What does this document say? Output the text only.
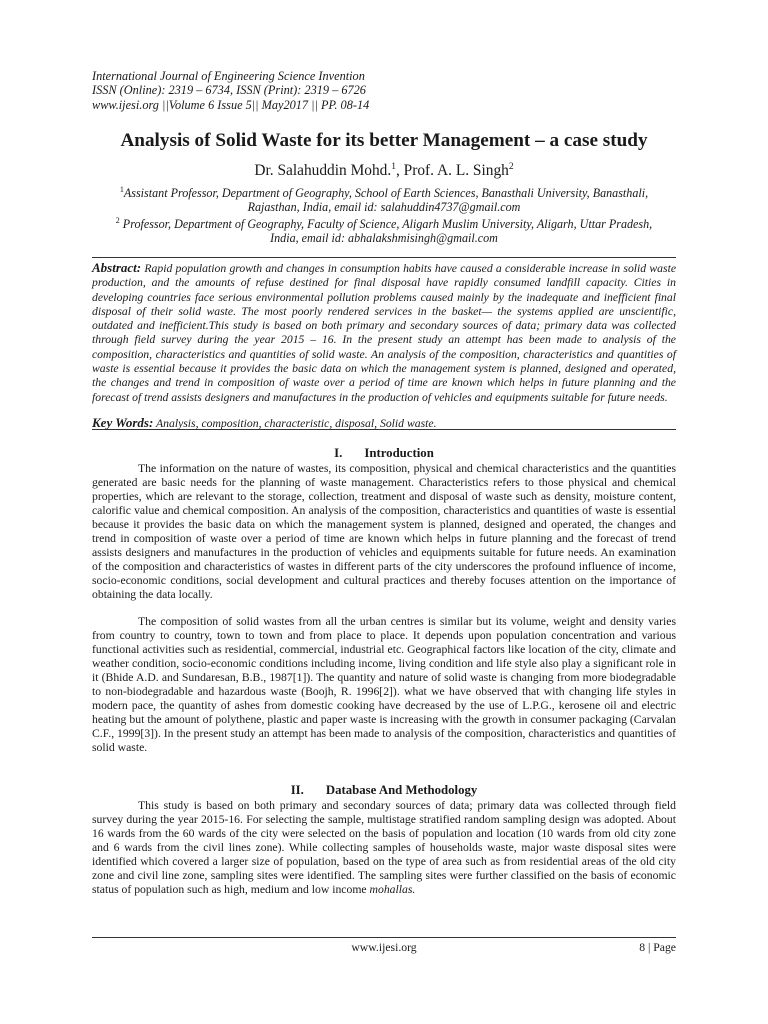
International Journal of Engineering Science Invention
ISSN (Online): 2319 – 6734, ISSN (Print): 2319 – 6726
www.ijesi.org ||Volume 6 Issue 5|| May2017 || PP. 08-14
Analysis of Solid Waste for its better Management – a case study
Dr. Salahuddin Mohd.$^1$, Prof. A. L. Singh$^2$
$^1$Assistant Professor, Department of Geography, School of Earth Sciences, Banasthali University, Banasthali,
Rajasthan, India, email id: salahuddin4737@gmail.com
$^2$ Professor, Department of Geography, Faculty of Science, Aligarh Muslim University, Aligarh, Uttar Pradesh,
India, email id: abhalakshmisingh@gmail.com

Abstract: Rapid population growth and changes in consumption habits have caused a considerable increase in solid waste production, and the amounts of refuse destined for final disposal have rapidly consumed landfill capacity. Cities in developing countries face serious environmental pollution problems caused mainly by the inadequate and inefficient final disposal of their solid waste. The most poorly rendered services in the basket— the systems applied are unscientific, outdated and inefficient.This study is based on both primary and secondary sources of data; primary data was collected through field survey during the year 2015 – 16. In the present study an attempt has been made to analysis of the composition, characteristics and quantities of solid waste. An analysis of the composition, characteristics and quantities of waste is essential because it provides the basic data on which the management system is planned, designed and operated, the changes and trend in composition of waste over a period of time are known which helps in future planning and the forecast of trend assists designers and manufactures in the production of vehicles and equipments suitable for future needs.

Key Words: Analysis, composition, characteristic, disposal, Solid waste.
I. Introduction

The information on the nature of wastes, its composition, physical and chemical characteristics and the quantities generated are basic needs for the planning of waste management. Characteristics refers to those physical and chemical properties, which are relevant to the storage, collection, treatment and disposal of waste such as density, moisture content, calorific value and chemical composition. An analysis of the composition, characteristics and quantities of waste is essential because it provides the basic data on which the management system is planned, designed and operated, the changes and trend in composition of waste over a period of time are known which helps in future planning and the forecast of trend assists designers and manufactures in the production of vehicles and equipments suitable for future needs. An examination of the composition and characteristics of wastes in different parts of the city underscores the profound influence of income, socio-economic conditions, social development and cultural practices and thereby focuses attention on the importance of obtaining the data locally.

The composition of solid wastes from all the urban centres is similar but its volume, weight and density varies from country to country, town to town and from place to place. It depends upon population concentration and various functional activities such as residential, commercial, industrial etc. Geographical factors like location of the city, climate and weather condition, socio-economic conditions including income, living condition and life style also play a significant role in it (Bhide A.D. and Sundaresan, B.B., 1987[1]). The quantity and nature of solid waste is changing from more biodegradable to non-biodegradable and hazardous waste (Boojh, R. 1996[2]). what we have observed that with changing life styles in modern pace, the quantity of ashes from domestic cooking have decreased by the use of L.P.G., kerosene oil and electric heating but the amount of polythene, plastic and paper waste is increasing with the growth in consumer packaging (Carvalan C.F., 1999[3]). In the present study an attempt has been made to analysis of the composition, characteristics and quantities of solid waste.

II. Database And Methodology

This study is based on both primary and secondary sources of data; primary data was collected through field survey during the year 2015-16. For selecting the sample, multistage stratified random sampling design was adopted. About 16 wards from the 60 wards of the city were selected on the basis of population and location (10 wards from old city zone and 6 wards from the civil lines zone). While collecting samples of households waste, major waste disposal sites were identified which covered a larger size of population, based on the type of area such as from residential areas of the old city zone and civil line zone, sampling sites were identified. The sampling sites were further classified on the basis of economic status of population such as high, medium and low income mohallas.

www.ijesi.org	8 | Page
